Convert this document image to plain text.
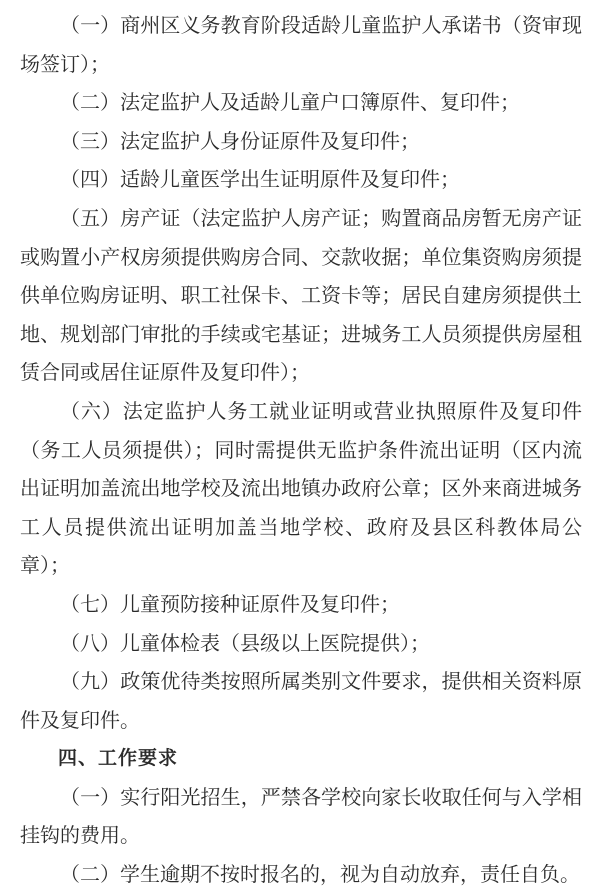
（一）商州区义务教育阶段适龄儿童监护人承诺书（资审现场签订）；

（二）法定监护人及适龄儿童户口簿原件、复印件；

（三）法定监护人身份证原件及复印件；

（四）适龄儿童医学出生证明原件及复印件；

（五）房产证（法定监护人房产证；购置商品房暂无房产证或购置小产权房须提供购房合同、交款收据；单位集资购房须提供单位购房证明、职工社保卡、工资卡等；居民自建房须提供土地、规划部门审批的手续或宅基证；进城务工人员须提供房屋租赁合同或居住证原件及复印件）；

（六）法定监护人务工就业证明或营业执照原件及复印件（务工人员须提供）；同时需提供无监护条件流出证明（区内流出证明加盖流出地学校及流出地镇办政府公章；区外来商进城务工人员提供流出证明加盖当地学校、政府及县区科教体局公章）；

（七）儿童预防接种证原件及复印件；

（八）儿童体检表（县级以上医院提供）；

（九）政策优待类按照所属类别文件要求，提供相关资料原件及复印件。

四、工作要求

（一）实行阳光招生，严禁各学校向家长收取任何与入学相挂钩的费用。

（二）学生逾期不按时报名的，视为自动放弃，责任自负。
